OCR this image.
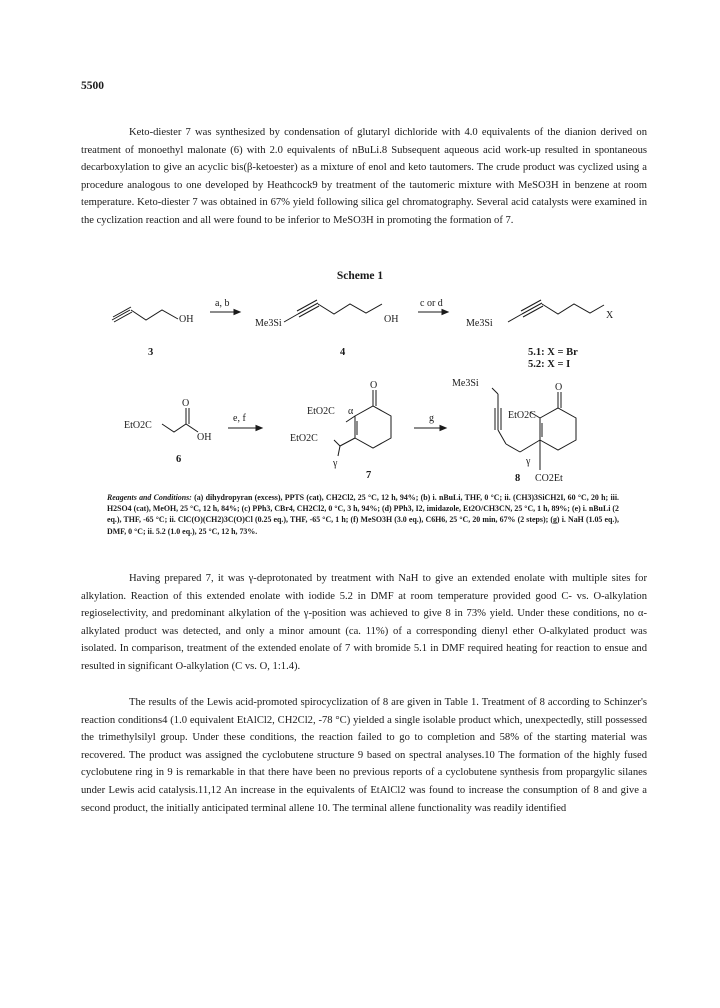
5500

Keto-diester 7 was synthesized by condensation of glutaryl dichloride with 4.0 equivalents of the dianion derived on treatment of monoethyl malonate (6) with 2.0 equivalents of nBuLi.8 Subsequent aqueous acid work-up resulted in spontaneous decarboxylation to give an acyclic bis(β-ketoester) as a mixture of enol and keto tautomers. The crude product was cyclized using a procedure analogous to one developed by Heathcock9 by treatment of the tautomeric mixture with MeSO3H in benzene at room temperature. Keto-diester 7 was obtained in 67% yield following silica gel chromatography. Several acid catalysts were examined in the cyclization reaction and all were found to be inferior to MeSO3H in promoting the formation of 7.

Scheme 1
OH
a, b
3
Me3Si	OH
c or d
4
Me3Si
X
5.1: X = Br
5.2: X = I
EtO2C
O
OH
6
e, f
EtO2C α
O
EtO2C
γ
7
g
Me3Si
EtO2C
O
γ
CO2Et
8
Reagents and Conditions: (a) dihydropyran (excess), PPTS (cat), CH2Cl2, 25 °C, 12 h, 94%; (b) i. nBuLi, THF, 0 °C; ii. (CH3)3SiCH2I, 60 °C, 20 h; iii. H2SO4 (cat), MeOH, 25 °C, 12 h, 84%; (c) PPh3, CBr4, CH2Cl2, 0 °C, 3 h, 94%; (d) PPh3, I2, imidazole, Et2O/CH3CN, 25 °C, 1 h, 89%; (e) i. nBuLi (2 eq.), THF, -65 °C; ii. ClC(O)(CH2)3C(O)Cl (0.25 eq.), THF, -65 °C, 1 h; (f) MeSO3H (3.0 eq.), C6H6, 25 °C, 20 min, 67% (2 steps); (g) i. NaH (1.05 eq.), DMF, 0 °C; ii. 5.2 (1.0 eq.), 25 °C, 12 h, 73%.

Having prepared 7, it was γ-deprotonated by treatment with NaH to give an extended enolate with multiple sites for alkylation. Reaction of this extended enolate with iodide 5.2 in DMF at room temperature provided good C- vs. O-alkylation regioselectivity, and predominant alkylation of the γ-position was achieved to give 8 in 73% yield. Under these conditions, no α-alkylated product was detected, and only a minor amount (ca. 11%) of a corresponding dienyl ether O-alkylated product was isolated. In comparison, treatment of the extended enolate of 7 with bromide 5.1 in DMF required heating for reaction to ensue and resulted in significant O-alkylation (C vs. O, 1:1.4).

The results of the Lewis acid-promoted spirocyclization of 8 are given in Table 1. Treatment of 8 according to Schinzer's reaction conditions4 (1.0 equivalent EtAlCl2, CH2Cl2, -78 °C) yielded a single isolable product which, unexpectedly, still possessed the trimethylsilyl group. Under these conditions, the reaction failed to go to completion and 58% of the starting material was recovered. The product was assigned the cyclobutene structure 9 based on spectral analyses.10 The formation of the highly fused cyclobutene ring in 9 is remarkable in that there have been no previous reports of a cyclobutene synthesis from propargylic silanes under Lewis acid catalysis.11,12 An increase in the equivalents of EtAlCl2 was found to increase the consumption of 8 and give a second product, the initially anticipated terminal allene 10. The terminal allene functionality was readily identified
